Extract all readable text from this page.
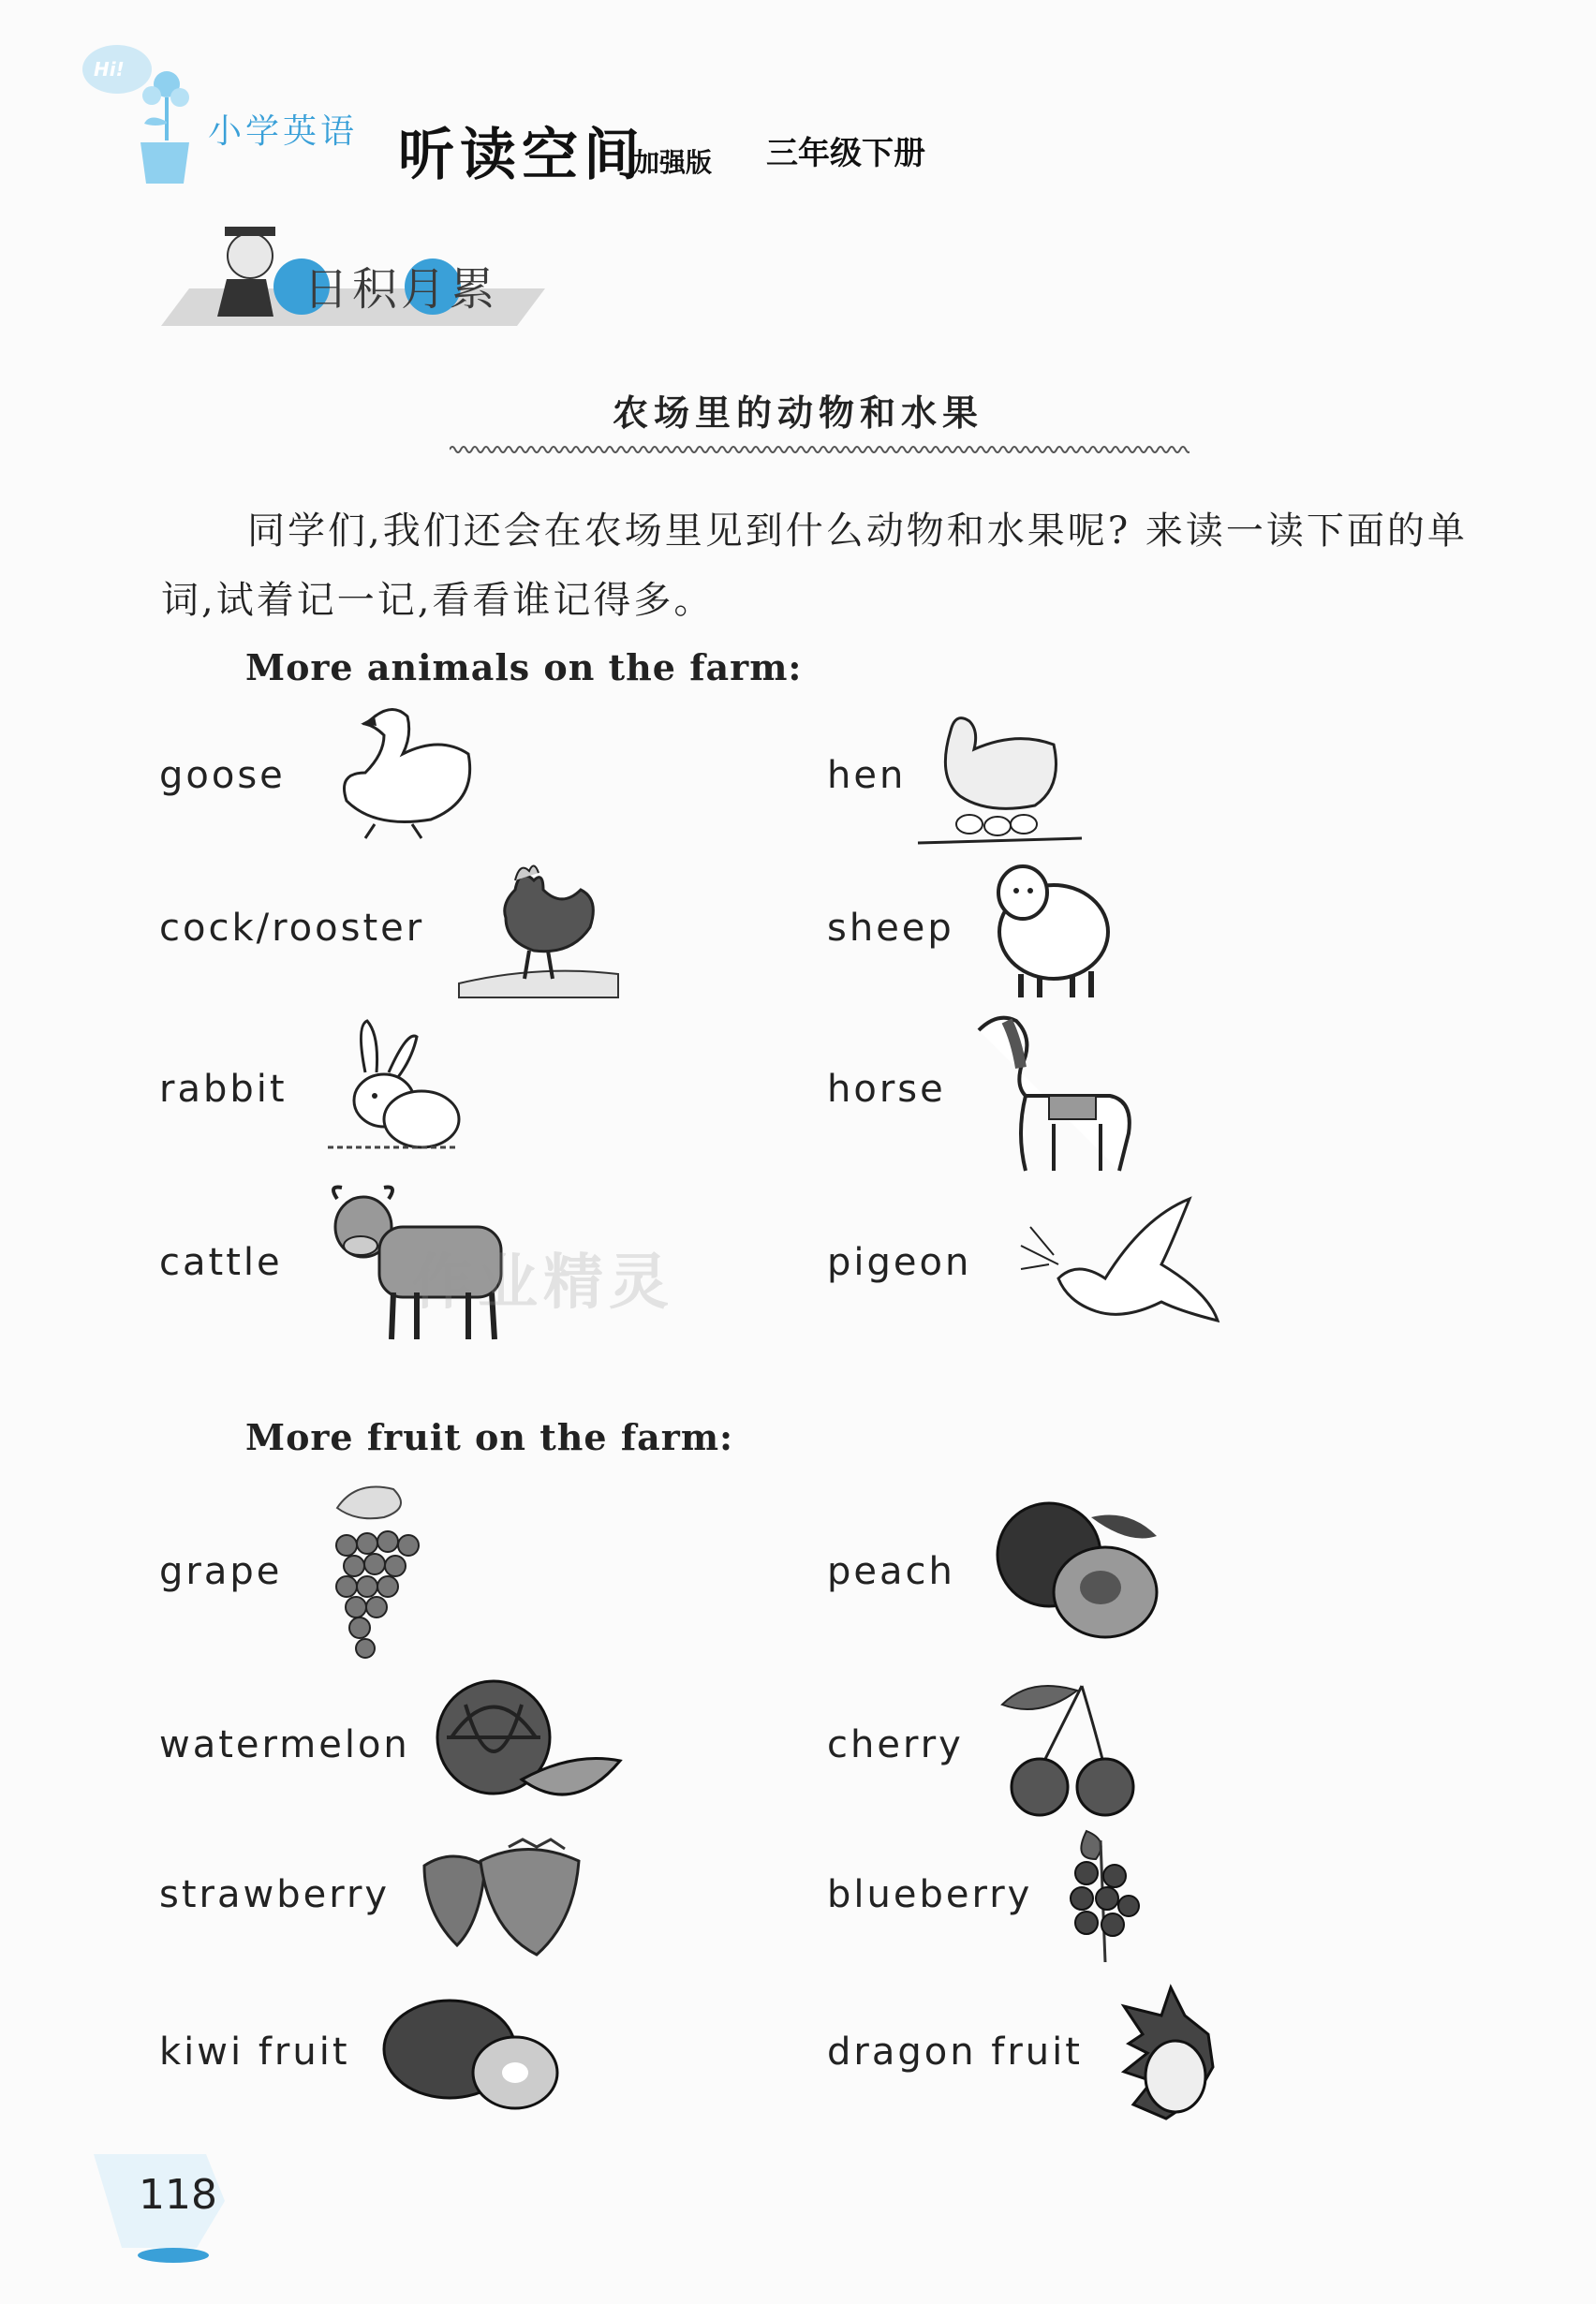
Hi!
小学英语 听读空间
加强版 三年级下册
日积月累
农场里的动物和水果
同学们,我们还会在农场里见到什么动物和水果呢? 来读一读下面的单词,试着记一记,看看谁记得多。
More animals on the farm:
goose
cock/rooster
rabbit
cattle
hen
sheep
horse
pigeon
More fruit on the farm:
grape
watermelon
strawberry
kiwi fruit
peach
cherry
blueberry
dragon fruit
作业精灵
118
